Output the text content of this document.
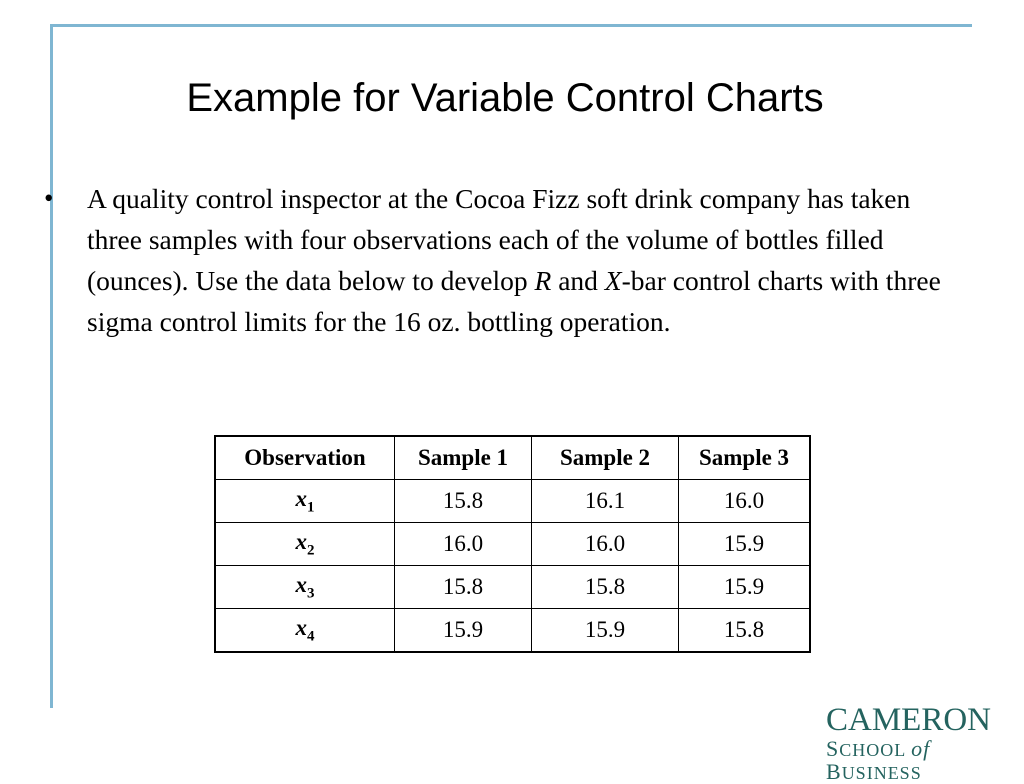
Example for Variable Control Charts
• A quality control inspector at the Cocoa Fizz soft drink company has taken three samples with four observations each of the volume of bottles filled (ounces). Use the data below to develop R and X-bar control charts with three sigma control limits for the 16 oz. bottling operation.
Observation	Sample 1	Sample 2	Sample 3
$x_1$	15.8	16.1	16.0
$x_2$	16.0	16.0	15.9
$x_3$	15.8	15.8	15.9
$x_4$	15.9	15.9	15.8
CAMERON
SCHOOL of BUSINESS
